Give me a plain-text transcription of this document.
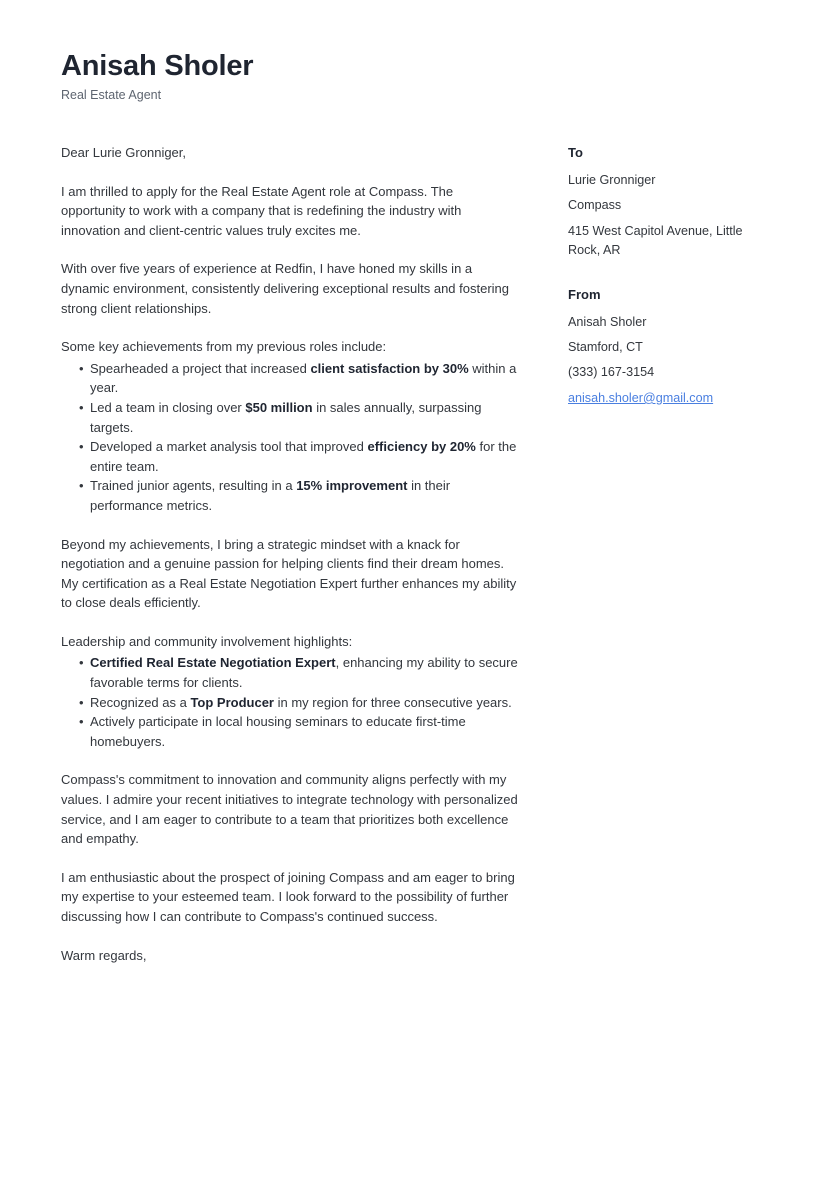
Anisah Sholer
Real Estate Agent

Dear Lurie Gronniger,

I am thrilled to apply for the Real Estate Agent role at Compass. The opportunity to work with a company that is redefining the industry with innovation and client-centric values truly excites me.

With over five years of experience at Redfin, I have honed my skills in a dynamic environment, consistently delivering exceptional results and fostering strong client relationships.

Some key achievements from my previous roles include:

• Spearheaded a project that increased client satisfaction by 30% within a year.
• Led a team in closing over $50 million in sales annually, surpassing targets.
• Developed a market analysis tool that improved efficiency by 20% for the entire team.
• Trained junior agents, resulting in a 15% improvement in their performance metrics.

Beyond my achievements, I bring a strategic mindset with a knack for negotiation and a genuine passion for helping clients find their dream homes. My certification as a Real Estate Negotiation Expert further enhances my ability to close deals efficiently.

Leadership and community involvement highlights:

• Certified Real Estate Negotiation Expert, enhancing my ability to secure favorable terms for clients.
• Recognized as a Top Producer in my region for three consecutive years.
• Actively participate in local housing seminars to educate first-time homebuyers.

Compass's commitment to innovation and community aligns perfectly with my values. I admire your recent initiatives to integrate technology with personalized service, and I am eager to contribute to a team that prioritizes both excellence and empathy.

I am enthusiastic about the prospect of joining Compass and am eager to bring my expertise to your esteemed team. I look forward to the possibility of further discussing how I can contribute to Compass's continued success.

Warm regards,

To
Lurie Gronniger
Compass
415 West Capitol Avenue, Little Rock, AR
From
Anisah Sholer
Stamford, CT
(333) 167-3154
anisah.sholer@gmail.com
